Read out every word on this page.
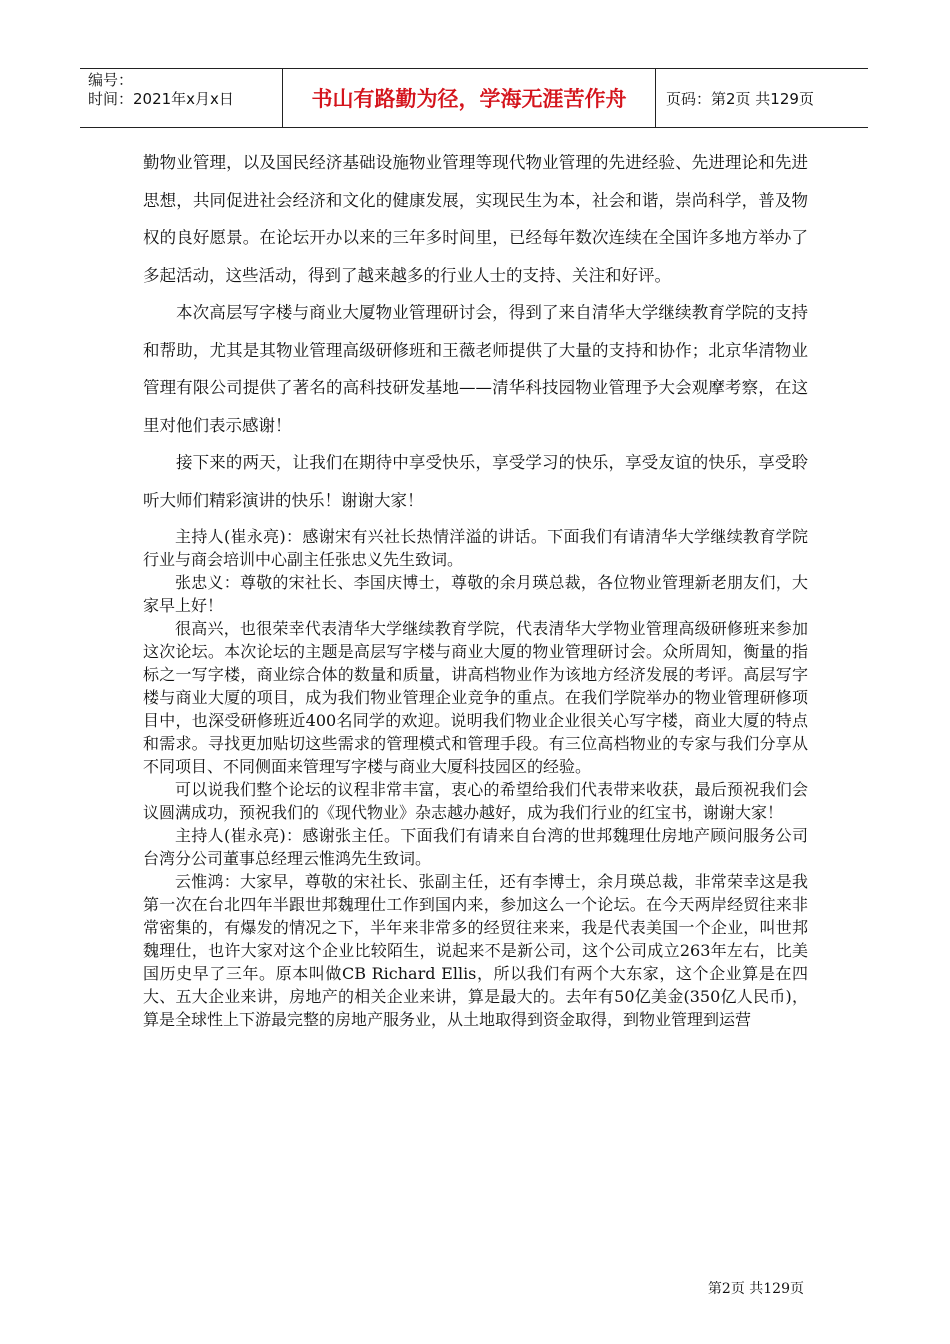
编号：
时间：2021年x月x日	书山有路勤为径，学海无涯苦作舟	页码：第2页 共129页

勤物业管理，以及国民经济基础设施物业管理等现代物业管理的先进经验、先进理论和先进思想，共同促进社会经济和文化的健康发展，实现民生为本，社会和谐，崇尚科学，普及物权的良好愿景。在论坛开办以来的三年多时间里，已经每年数次连续在全国许多地方举办了多起活动，这些活动，得到了越来越多的行业人士的支持、关注和好评。

本次高层写字楼与商业大厦物业管理研讨会，得到了来自清华大学继续教育学院的支持和帮助，尤其是其物业管理高级研修班和王薇老师提供了大量的支持和协作；北京华清物业管理有限公司提供了著名的高科技研发基地——清华科技园物业管理予大会观摩考察，在这里对他们表示感谢！

接下来的两天，让我们在期待中享受快乐，享受学习的快乐，享受友谊的快乐，享受聆听大师们精彩演讲的快乐！谢谢大家！

主持人(崔永亮)：感谢宋有兴社长热情洋溢的讲话。下面我们有请清华大学继续教育学院行业与商会培训中心副主任张忠义先生致词。

张忠义：尊敬的宋社长、李国庆博士，尊敬的余月瑛总裁，各位物业管理新老朋友们，大家早上好！

很高兴，也很荣幸代表清华大学继续教育学院，代表清华大学物业管理高级研修班来参加这次论坛。本次论坛的主题是高层写字楼与商业大厦的物业管理研讨会。众所周知，衡量的指标之一写字楼，商业综合体的数量和质量，讲高档物业作为该地方经济发展的考评。高层写字楼与商业大厦的项目，成为我们物业管理企业竞争的重点。在我们学院举办的物业管理研修项目中，也深受研修班近400名同学的欢迎。说明我们物业企业很关心写字楼，商业大厦的特点和需求。寻找更加贴切这些需求的管理模式和管理手段。有三位高档物业的专家与我们分享从不同项目、不同侧面来管理写字楼与商业大厦科技园区的经验。

可以说我们整个论坛的议程非常丰富，衷心的希望给我们代表带来收获，最后预祝我们会议圆满成功，预祝我们的《现代物业》杂志越办越好，成为我们行业的红宝书，谢谢大家！

主持人(崔永亮)：感谢张主任。下面我们有请来自台湾的世邦魏理仕房地产顾问服务公司台湾分公司董事总经理云惟鸿先生致词。

云惟鸿：大家早，尊敬的宋社长、张副主任，还有李博士，余月瑛总裁，非常荣幸这是我第一次在台北四年半跟世邦魏理仕工作到国内来，参加这么一个论坛。在今天两岸经贸往来非常密集的，有爆发的情况之下，半年来非常多的经贸往来来，我是代表美国一个企业，叫世邦魏理仕，也许大家对这个企业比较陌生，说起来不是新公司，这个公司成立263年左右，比美国历史早了三年。原本叫做CB Richard Ellis，所以我们有两个大东家，这个企业算是在四大、五大企业来讲，房地产的相关企业来讲，算是最大的。去年有50亿美金(350亿人民币)，算是全球性上下游最完整的房地产服务业，从土地取得到资金取得，到物业管理到运营

第2页 共129页
